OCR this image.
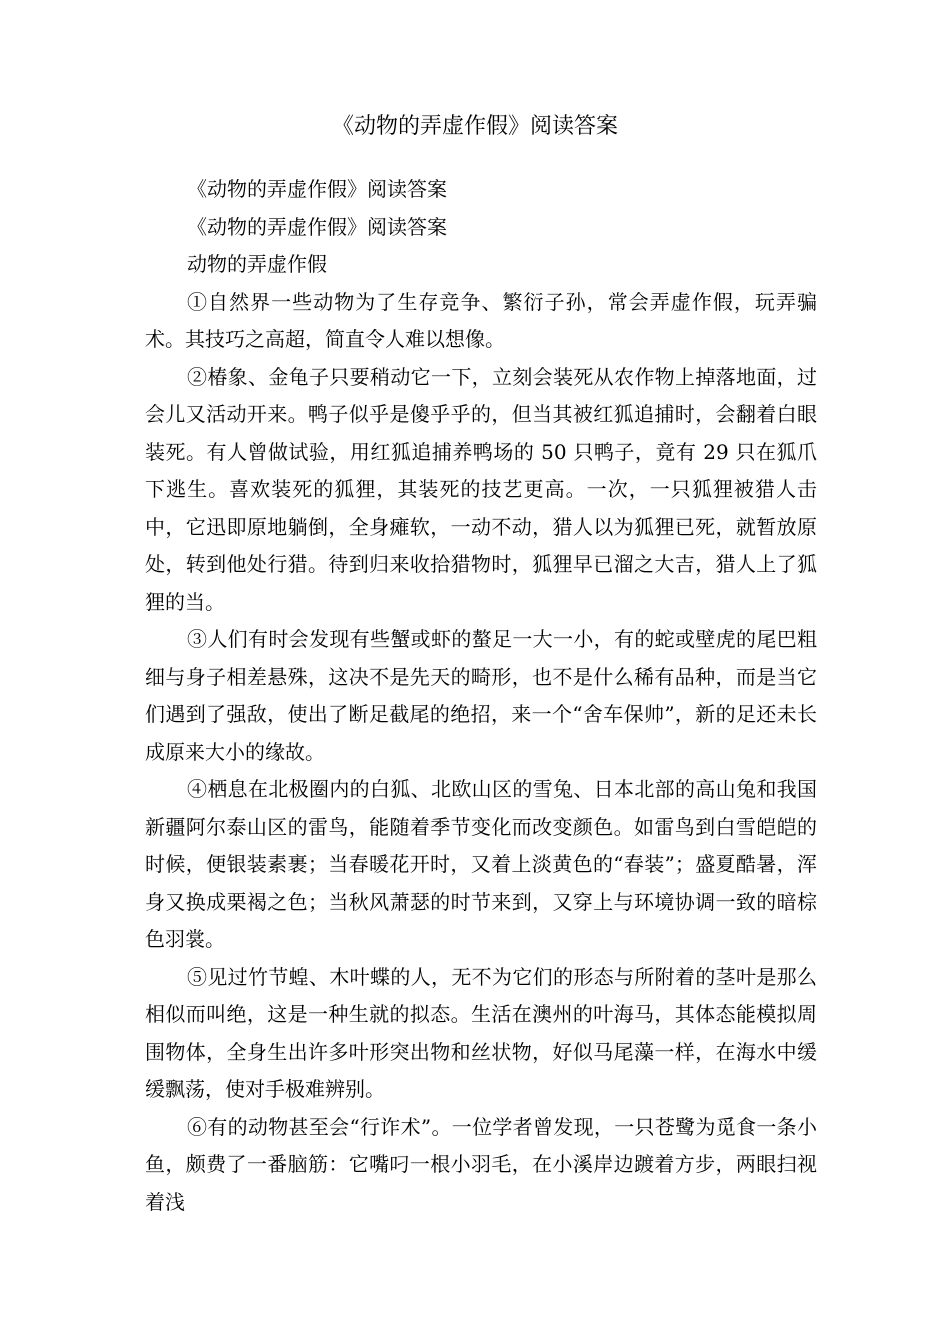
《动物的弄虚作假》阅读答案

《动物的弄虚作假》阅读答案

《动物的弄虚作假》阅读答案

动物的弄虚作假

①自然界一些动物为了生存竞争、繁衍子孙，常会弄虚作假，玩弄骗术。其技巧之高超，简直令人难以想像。

②椿象、金龟子只要稍动它一下，立刻会装死从农作物上掉落地面，过会儿又活动开来。鸭子似乎是傻乎乎的，但当其被红狐追捕时，会翻着白眼装死。有人曾做试验，用红狐追捕养鸭场的 50 只鸭子，竟有 29 只在狐爪下逃生。喜欢装死的狐狸，其装死的技艺更高。一次，一只狐狸被猎人击中，它迅即原地躺倒，全身瘫软，一动不动，猎人以为狐狸已死，就暂放原处，转到他处行猎。待到归来收拾猎物时，狐狸早已溜之大吉，猎人上了狐狸的当。

③人们有时会发现有些蟹或虾的螯足一大一小，有的蛇或壁虎的尾巴粗细与身子相差悬殊，这决不是先天的畸形，也不是什么稀有品种，而是当它们遇到了强敌，使出了断足截尾的绝招，来一个“舍车保帅”，新的足还未长成原来大小的缘故。

④栖息在北极圈内的白狐、北欧山区的雪兔、日本北部的高山兔和我国新疆阿尔泰山区的雷鸟，能随着季节变化而改变颜色。如雷鸟到白雪皑皑的时候，便银装素裹；当春暖花开时，又着上淡黄色的“春装”；盛夏酷暑，浑身又换成栗褐之色；当秋风萧瑟的时节来到，又穿上与环境协调一致的暗棕色羽裳。

⑤见过竹节蝗、木叶蝶的人，无不为它们的形态与所附着的茎叶是那么相似而叫绝，这是一种生就的拟态。生活在澳州的叶海马，其体态能模拟周围物体，全身生出许多叶形突出物和丝状物，好似马尾藻一样，在海水中缓缓飘荡，使对手极难辨别。

⑥有的动物甚至会“行诈术”。一位学者曾发现，一只苍鹭为觅食一条小鱼，颇费了一番脑筋：它嘴叼一根小羽毛，在小溪岸边踱着方步，两眼扫视着浅
